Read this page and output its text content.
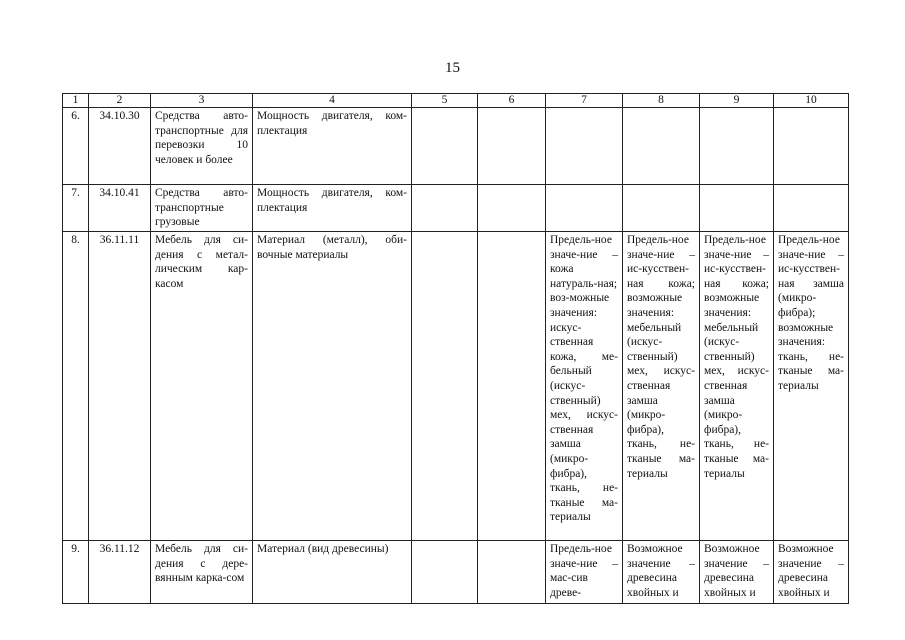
15
1	2	3	4	5	6	7	8	9	10
6.	34.10.30	Средства авто-транспортные для перевозки 10 человек и более	Мощность двигателя, ком-плектация						
7.	34.10.41	Средства авто-транспортные грузовые	Мощность двигателя, ком-плектация						
8.	36.11.11	Мебель для си-дения с метал-лическим кар-касом	Материал (металл), оби-вочные материалы			Предель-ное значе-ние – кожа натураль-ная; воз-можные значения: искус-ственная кожа, ме-бельный (искус-ственный) мех, искус-ственная замша (микро-фибра), ткань, не-тканые ма-териалы	Предель-ное значе-ние – ис-кусствен-ная кожа; возможные значения: мебельный (искус-ственный) мех, искус-ственная замша (микро-фибра), ткань, не-тканые ма-териалы	Предель-ное значе-ние – ис-кусствен-ная кожа; возможные значения: мебельный (искус-ственный) мех, искус-ственная замша (микро-фибра), ткань, не-тканые ма-териалы	Предель-ное значе-ние – ис-кусствен-ная замша (микро-фибра); возможные значения: ткань, не-тканые ма-териалы
9.	36.11.12	Мебель для си-дения с дере-вянным карка-сом	Материал (вид древесины)			Предель-ное значе-ние – мас-сив древе-	Возможное значение – древесина хвойных и	Возможное значение – древесина хвойных и	Возможное значение – древесина хвойных и
